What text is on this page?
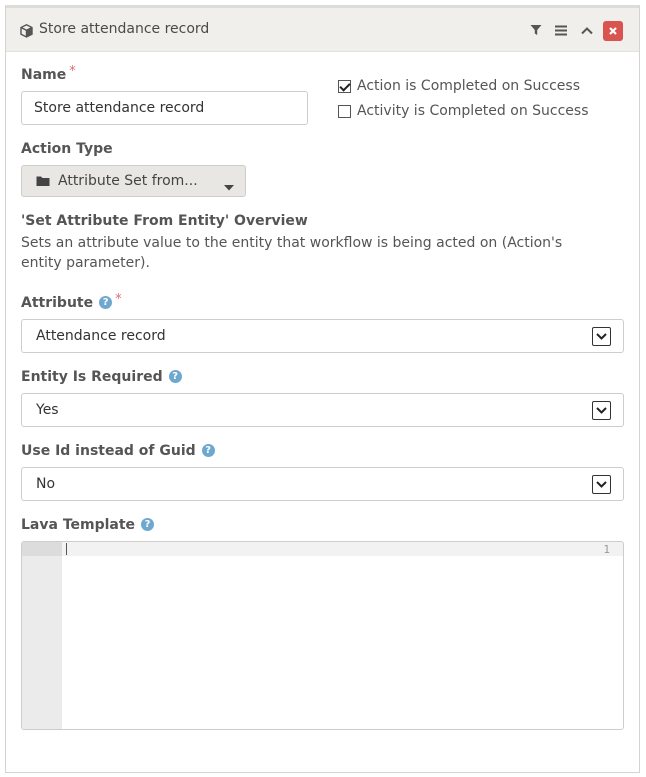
Store attendance record
Name *
Store attendance record
Action is Completed on Success
Activity is Completed on Success
Action Type
Attribute Set from...
'Set Attribute From Entity' Overview
Sets an attribute value to the entity that workflow is being acted on (Action's entity parameter).
Attribute? *
Attendance record
Entity Is Required?
Yes
Use Id instead of Guid?
No
Lava Template?
1
